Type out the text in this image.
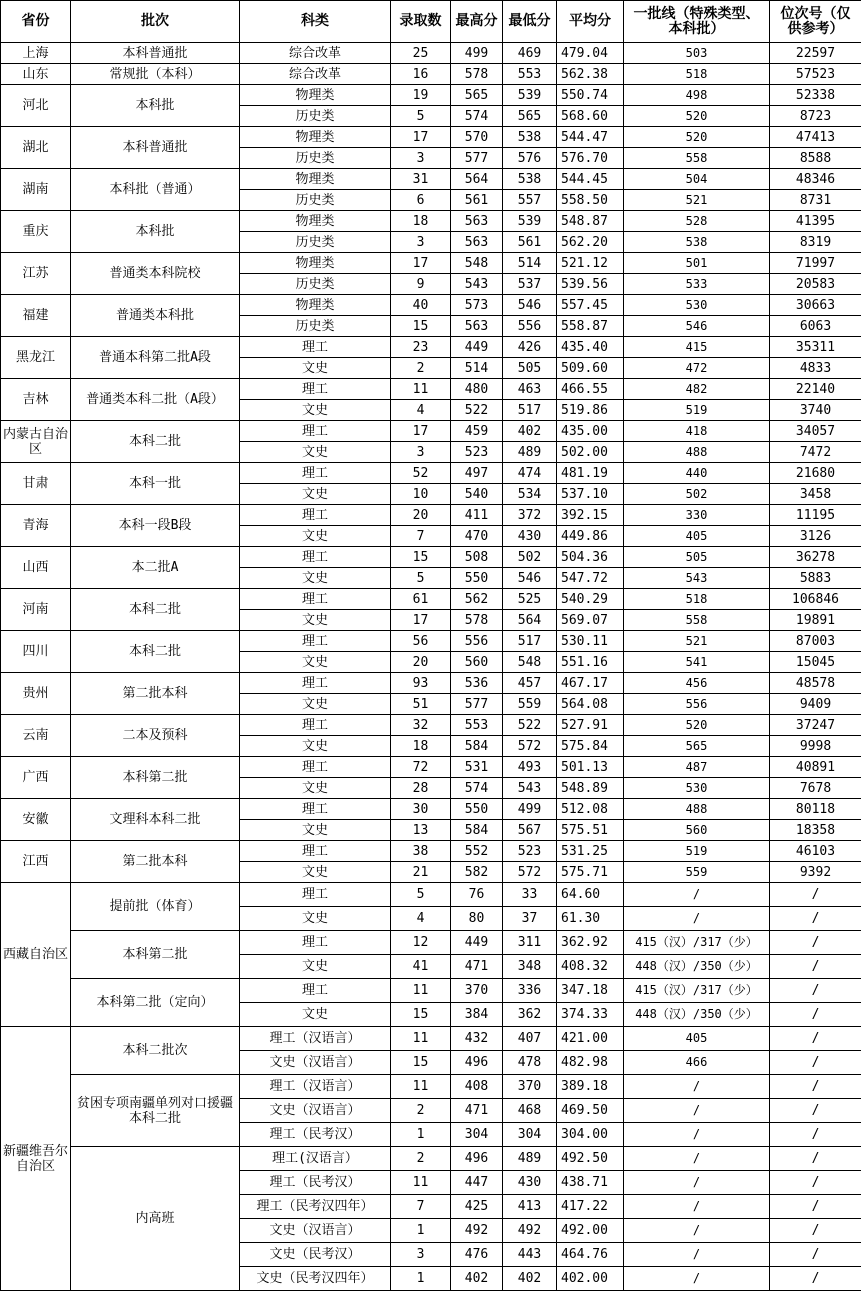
省份	批次	科类	录取数	最高分	最低分	平均分	一批线（特殊类型、本科批）	位次号（仅供参考）
上海	本科普通批	综合改革	25	499	469	479.04	503	22597
山东	常规批（本科）	综合改革	16	578	553	562.38	518	57523
河北	本科批	物理类	19	565	539	550.74	498	52338
		历史类	5	574	565	568.60	520	8723
湖北	本科普通批	物理类	17	570	538	544.47	520	47413
		历史类	3	577	576	576.70	558	8588
湖南	本科批（普通）	物理类	31	564	538	544.45	504	48346
		历史类	6	561	557	558.50	521	8731
重庆	本科批	物理类	18	563	539	548.87	528	41395
		历史类	3	563	561	562.20	538	8319
江苏	普通类本科院校	物理类	17	548	514	521.12	501	71997
		历史类	9	543	537	539.56	533	20583
福建	普通类本科批	物理类	40	573	546	557.45	530	30663
		历史类	15	563	556	558.87	546	6063
黑龙江	普通本科第二批A段	理工	23	449	426	435.40	415	35311
		文史	2	514	505	509.60	472	4833
吉林	普通类本科二批（A段）	理工	11	480	463	466.55	482	22140
		文史	4	522	517	519.86	519	3740
内蒙古自治区	本科二批	理工	17	459	402	435.00	418	34057
		文史	3	523	489	502.00	488	7472
甘肃	本科一批	理工	52	497	474	481.19	440	21680
		文史	10	540	534	537.10	502	3458
青海	本科一段B段	理工	20	411	372	392.15	330	11195
		文史	7	470	430	449.86	405	3126
山西	本二批A	理工	15	508	502	504.36	505	36278
		文史	5	550	546	547.72	543	5883
河南	本科二批	理工	61	562	525	540.29	518	106846
		文史	17	578	564	569.07	558	19891
四川	本科二批	理工	56	556	517	530.11	521	87003
		文史	20	560	548	551.16	541	15045
贵州	第二批本科	理工	93	536	457	467.17	456	48578
		文史	51	577	559	564.08	556	9409
云南	二本及预科	理工	32	553	522	527.91	520	37247
		文史	18	584	572	575.84	565	9998
广西	本科第二批	理工	72	531	493	501.13	487	40891
		文史	28	574	543	548.89	530	7678
安徽	文理科本科二批	理工	30	550	499	512.08	488	80118
		文史	13	584	567	575.51	560	18358
江西	第二批本科	理工	38	552	523	531.25	519	46103
		文史	21	582	572	575.71	559	9392
西藏自治区	提前批（体育）	理工	5	76	33	64.60	/	/
		文史	4	80	37	61.30	/	/
	本科第二批	理工	12	449	311	362.92	415（汉）/317（少）	/
		文史	41	471	348	408.32	448（汉）/350（少）	/
	本科第二批（定向）	理工	11	370	336	347.18	415（汉）/317（少）	/
		文史	15	384	362	374.33	448（汉）/350（少）	/
新疆维吾尔自治区	本科二批次	理工（汉语言）	11	432	407	421.00	405	/
		文史（汉语言）	15	496	478	482.98	466	/
	贫困专项南疆单列对口援疆本科二批	理工（汉语言）	11	408	370	389.18	/	/
		文史（汉语言）	2	471	468	469.50	/	/
		理工（民考汉）	1	304	304	304.00	/	/
	内高班	理工(汉语言）	2	496	489	492.50	/	/
		理工（民考汉）	11	447	430	438.71	/	/
		理工（民考汉四年）	7	425	413	417.22	/	/
		文史（汉语言）	1	492	492	492.00	/	/
		文史（民考汉）	3	476	443	464.76	/	/
		文史（民考汉四年）	1	402	402	402.00	/	/
